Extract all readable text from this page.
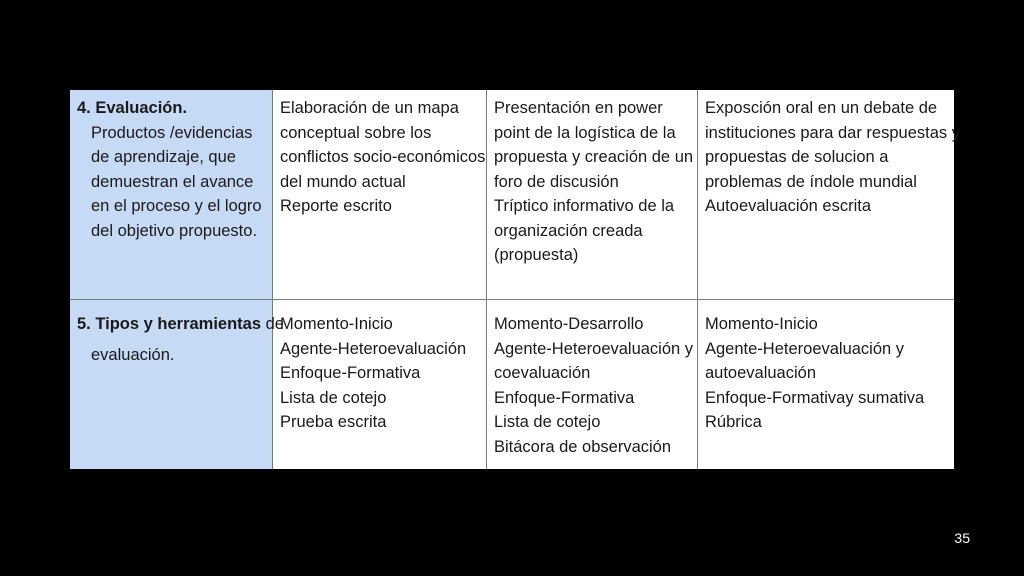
4. Evaluación.
Productos /evidencias
de aprendizaje, que
demuestran el avance
en el proceso y el logro
del objetivo propuesto.
Elaboración de un mapa
conceptual sobre los
conflictos socio-económicos
del mundo actual
Reporte escrito
Presentación en power
point de la logística de la
propuesta y creación de un
foro de discusión
Tríptico informativo de la
organización creada
(propuesta)
Exposción oral en un debate de
instituciones para dar respuestas y
propuestas de solucion a
problemas de índole mundial
Autoevaluación escrita
5. Tipos y herramientas de
evaluación.
Momento-Inicio
Agente-Heteroevaluación
Enfoque-Formativa
Lista de cotejo
Prueba escrita
Momento-Desarrollo
Agente-Heteroevaluación y
coevaluación
Enfoque-Formativa
Lista de cotejo
Bitácora de observación
Momento-Inicio
Agente-Heteroevaluación y
autoevaluación
Enfoque-Formativay sumativa
Rúbrica
35
